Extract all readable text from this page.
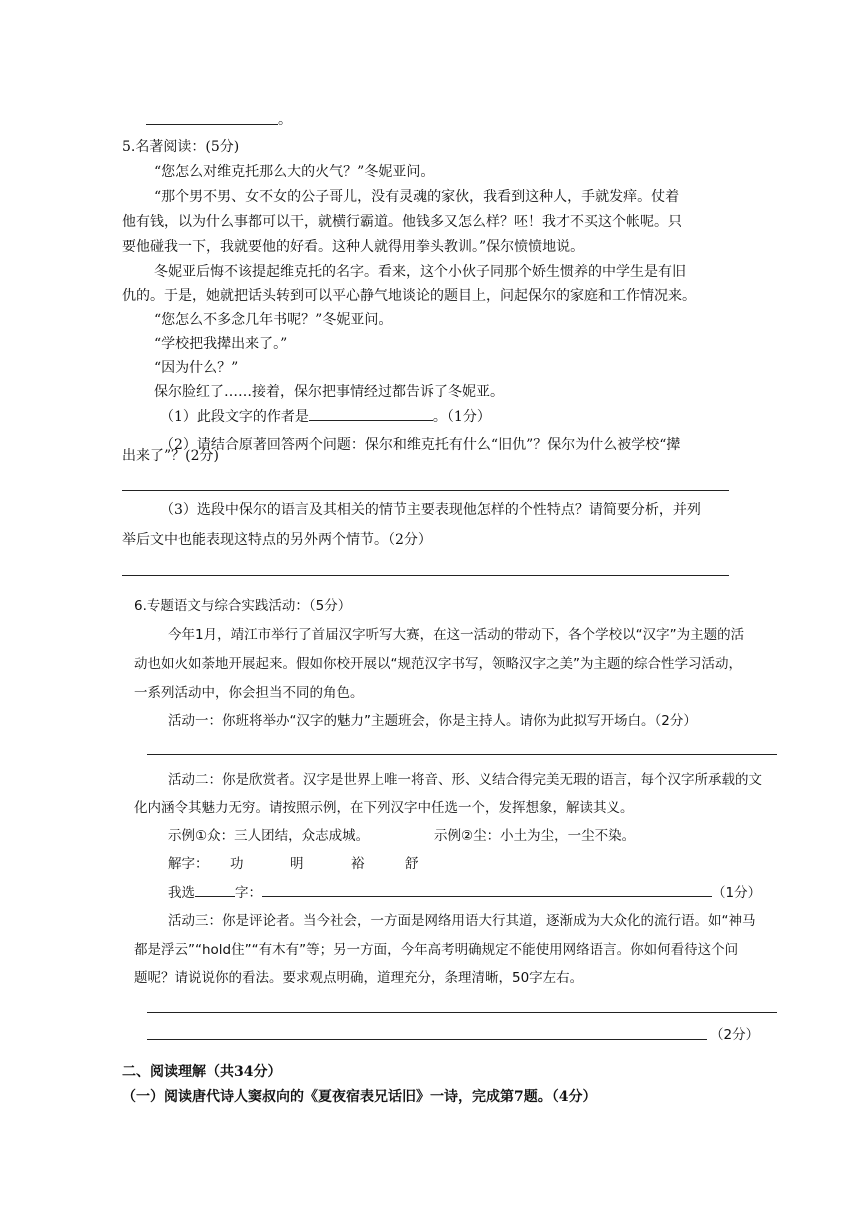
。
5.名著阅读：(5分)
“您怎么对维克托那么大的火气？”冬妮亚问。
“那个男不男、女不女的公子哥儿，没有灵魂的家伙，我看到这种人，手就发痒。仗着
他有钱，以为什么事都可以干，就横行霸道。他钱多又怎么样？呸！我才不买这个帐呢。只
要他碰我一下，我就要他的好看。这种人就得用拳头教训。”保尔愤愤地说。
冬妮亚后悔不该提起维克托的名字。看来，这个小伙子同那个娇生惯养的中学生是有旧
仇的。于是，她就把话头转到可以平心静气地谈论的题目上，问起保尔的家庭和工作情况来。
“您怎么不多念几年书呢？”冬妮亚问。
“学校把我撵出来了。”
“因为什么？”
保尔脸红了……接着，保尔把事情经过都告诉了冬妮亚。
（1）此段文字的作者是	。（1分）
（2）请结合原著回答两个问题：保尔和维克托有什么“旧仇”？保尔为什么被学校“撵
出来了”？(2分)
（3）选段中保尔的语言及其相关的情节主要表现他怎样的个性特点？请简要分析，并列
举后文中也能表现这特点的另外两个情节。（2分）
6.专题语文与综合实践活动：（5分）
今年1月，靖江市举行了首届汉字听写大赛，在这一活动的带动下，各个学校以“汉字”为主题的活
动也如火如荼地开展起来。假如你校开展以“规范汉字书写，领略汉字之美”为主题的综合性学习活动，
一系列活动中，你会担当不同的角色。
活动一：你班将举办“汉字的魅力”主题班会，你是主持人。请你为此拟写开场白。（2分）
活动二：你是欣赏者。汉字是世界上唯一将音、形、义结合得完美无瑕的语言，每个汉字所承载的文
化内涵令其魅力无穷。请按照示例，在下列汉字中任选一个，发挥想象，解读其义。
示例①众：三人团结，众志成城。	示例②尘：小土为尘，一尘不染。
解字： 功	明	裕	舒
我选	字：	（1分）
活动三：你是评论者。当今社会，一方面是网络用语大行其道，逐渐成为大众化的流行语。如“神马
都是浮云”“hold住”“有木有”等；另一方面，今年高考明确规定不能使用网络语言。你如何看待这个问
题呢？请说说你的看法。要求观点明确，道理充分，条理清晰，50字左右。
（2分）
二、阅读理解（共34分）
（一）阅读唐代诗人窦叔向的《夏夜宿表兄话旧》一诗，完成第7题。（4分）
